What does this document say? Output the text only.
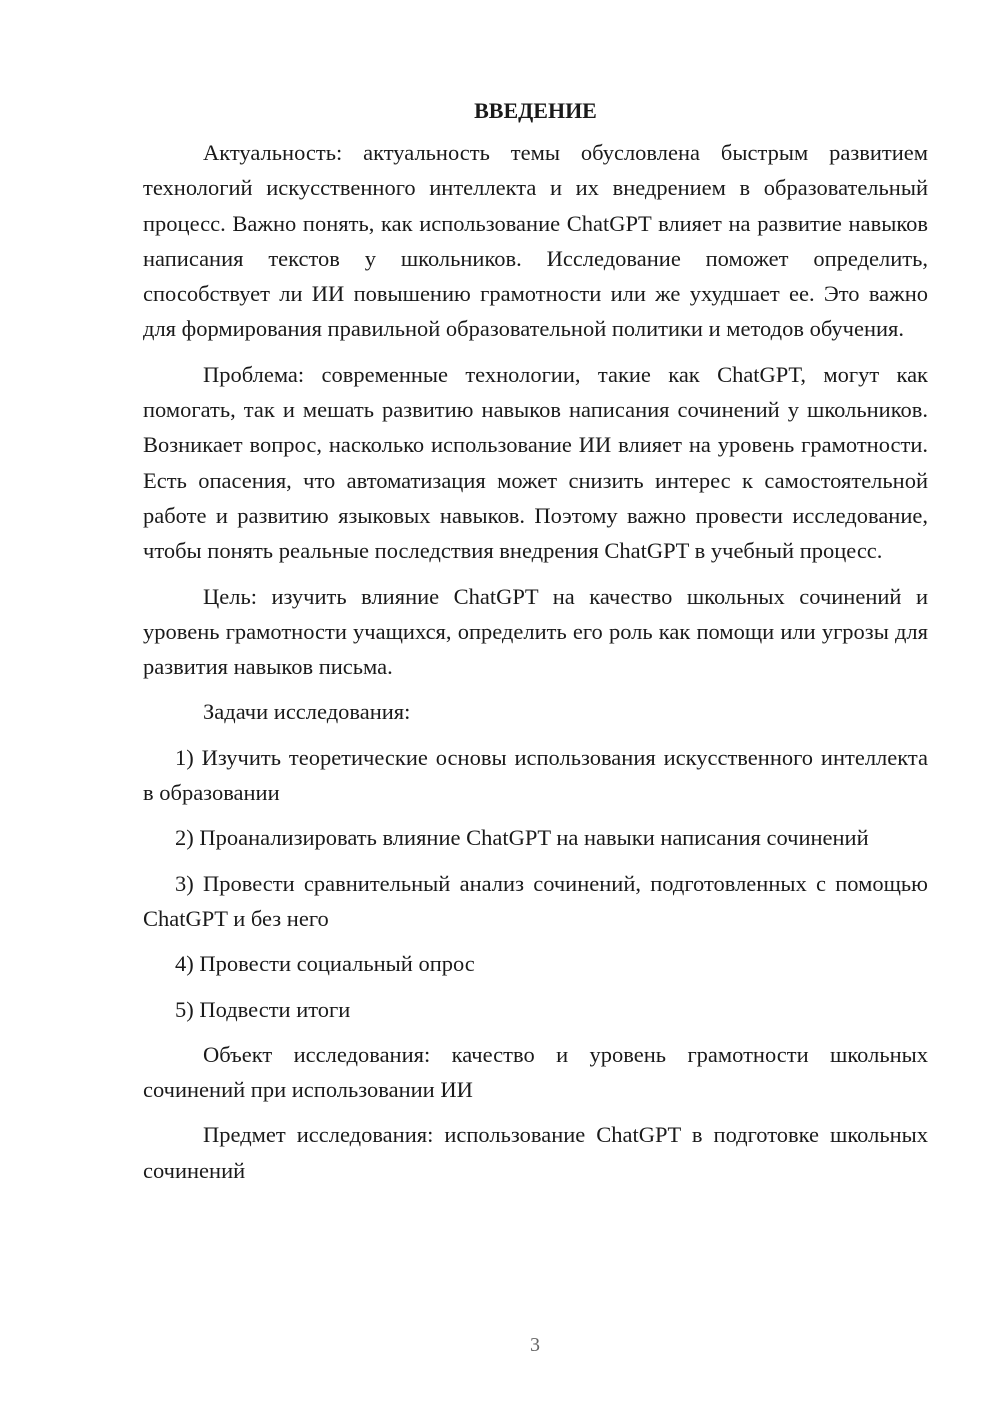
ВВЕДЕНИЕ

Актуальность: актуальность темы обусловлена быстрым развитием технологий искусственного интеллекта и их внедрением в образовательный процесс. Важно понять, как использование ChatGPT влияет на развитие навыков написания текстов у школьников. Исследование поможет определить, способствует ли ИИ повышению грамотности или же ухудшает ее. Это важно для формирования правильной образовательной политики и методов обучения.

Проблема: современные технологии, такие как ChatGPT, могут как помогать, так и мешать развитию навыков написания сочинений у школьников. Возникает вопрос, насколько использование ИИ влияет на уровень грамотности. Есть опасения, что автоматизация может снизить интерес к самостоятельной работе и развитию языковых навыков. Поэтому важно провести исследование, чтобы понять реальные последствия внедрения ChatGPT в учебный процесс.

Цель: изучить влияние ChatGPT на качество школьных сочинений и уровень грамотности учащихся, определить его роль как помощи или угрозы для развития навыков письма.

Задачи исследования:

1) Изучить теоретические основы использования искусственного интеллекта в образовании

2) Проанализировать влияние ChatGPT на навыки написания сочинений

3) Провести сравнительный анализ сочинений, подготовленных с помощью ChatGPT и без него

4) Провести социальный опрос

5) Подвести итоги

Объект исследования: качество и уровень грамотности школьных сочинений при использовании ИИ

Предмет исследования: использование ChatGPT в подготовке школьных сочинений

3
